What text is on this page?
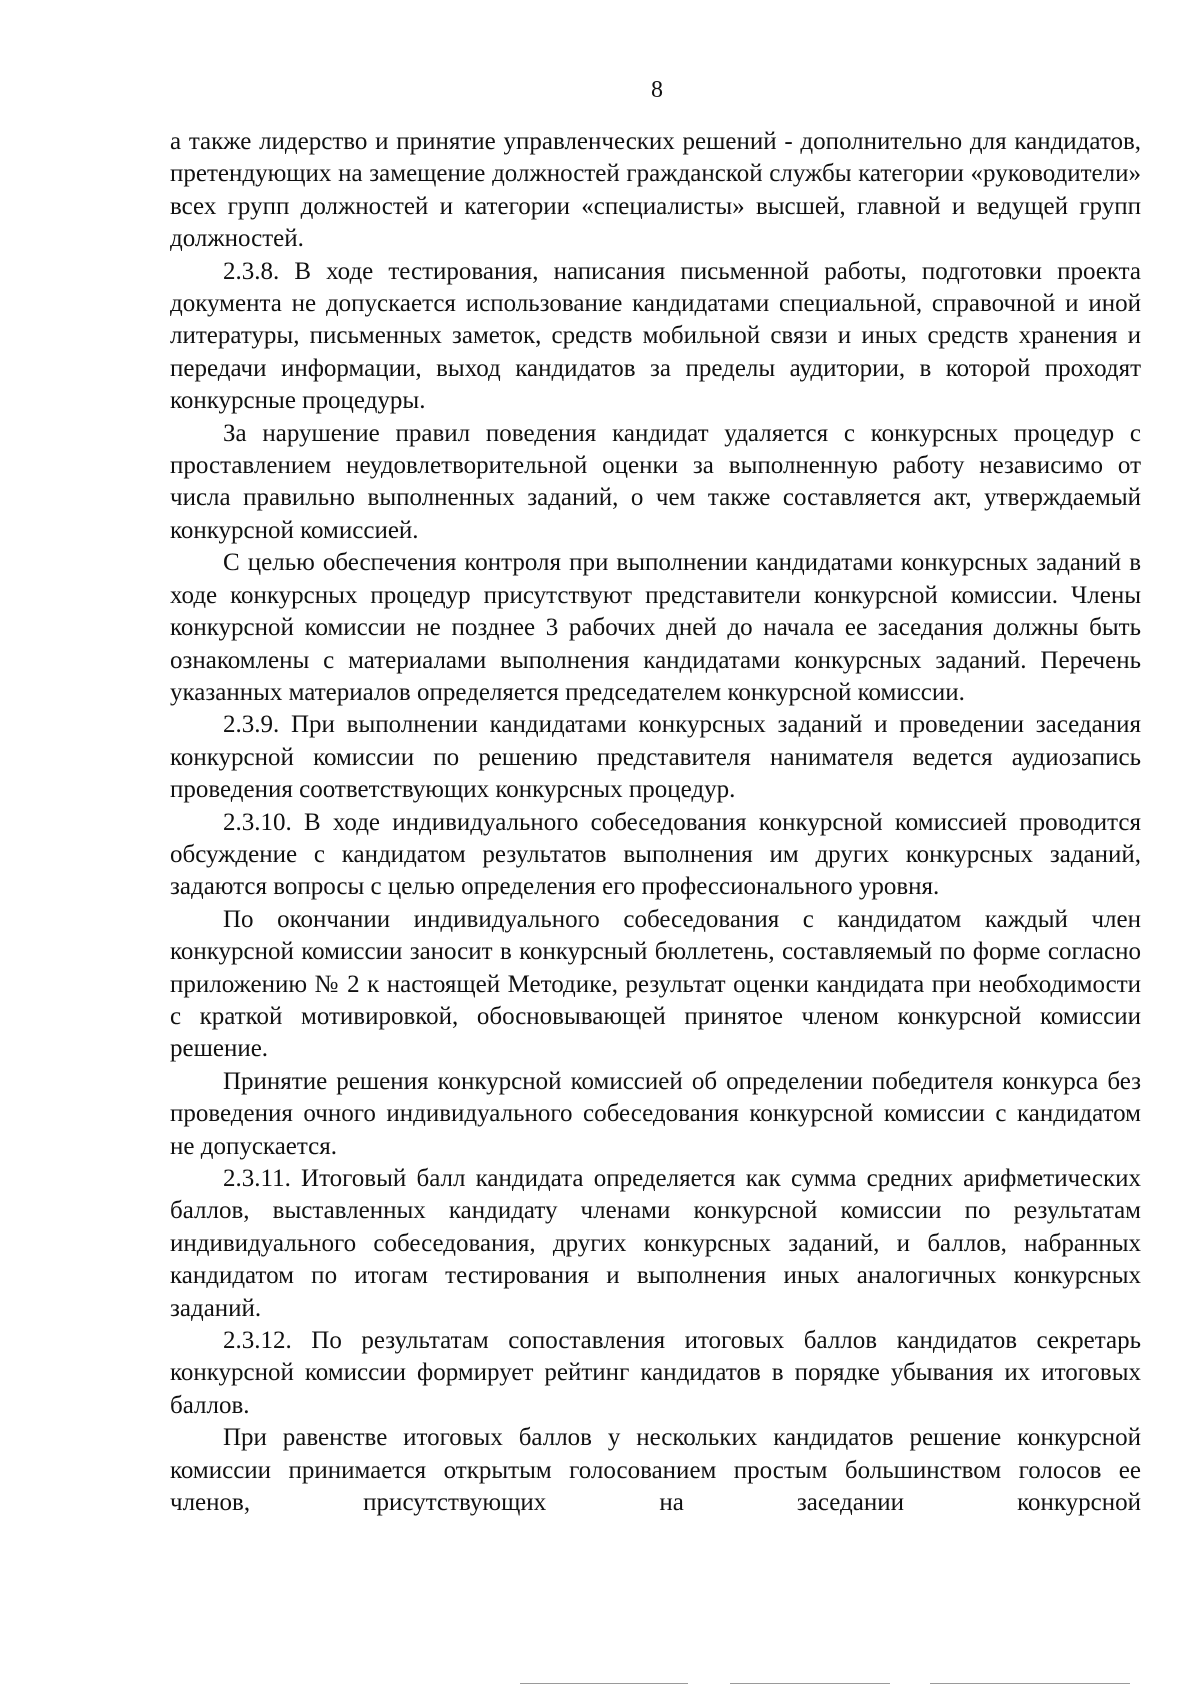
8

а также лидерство и принятие управленческих решений - дополнительно для кандидатов, претендующих на замещение должностей гражданской службы категории «руководители» всех групп должностей и категории «специалисты» высшей, главной и ведущей групп должностей.

2.3.8. В ходе тестирования, написания письменной работы, подготовки проекта документа не допускается использование кандидатами специальной, справочной и иной литературы, письменных заметок, средств мобильной связи и иных средств хранения и передачи информации, выход кандидатов за пределы аудитории, в которой проходят конкурсные процедуры.

За нарушение правил поведения кандидат удаляется с конкурсных процедур с проставлением неудовлетворительной оценки за выполненную работу независимо от числа правильно выполненных заданий, о чем также составляется акт, утверждаемый конкурсной комиссией.

С целью обеспечения контроля при выполнении кандидатами конкурсных заданий в ходе конкурсных процедур присутствуют представители конкурсной комиссии. Члены конкурсной комиссии не позднее 3 рабочих дней до начала ее заседания должны быть ознакомлены с материалами выполнения кандидатами конкурсных заданий. Перечень указанных материалов определяется председателем конкурсной комиссии.

2.3.9. При выполнении кандидатами конкурсных заданий и проведении заседания конкурсной комиссии по решению представителя нанимателя ведется аудиозапись проведения соответствующих конкурсных процедур.

2.3.10. В ходе индивидуального собеседования конкурсной комиссией проводится обсуждение с кандидатом результатов выполнения им других конкурсных заданий, задаются вопросы с целью определения его профессионального уровня.

По окончании индивидуального собеседования с кандидатом каждый член конкурсной комиссии заносит в конкурсный бюллетень, составляемый по форме согласно приложению № 2 к настоящей Методике, результат оценки кандидата при необходимости с краткой мотивировкой, обосновывающей принятое членом конкурсной комиссии решение.

Принятие решения конкурсной комиссией об определении победителя конкурса без проведения очного индивидуального собеседования конкурсной комиссии с кандидатом не допускается.

2.3.11. Итоговый балл кандидата определяется как сумма средних арифметических баллов, выставленных кандидату членами конкурсной комиссии по результатам индивидуального собеседования, других конкурсных заданий, и баллов, набранных кандидатом по итогам тестирования и выполнения иных аналогичных конкурсных заданий.

2.3.12. По результатам сопоставления итоговых баллов кандидатов секретарь конкурсной комиссии формирует рейтинг кандидатов в порядке убывания их итоговых баллов.

При равенстве итоговых баллов у нескольких кандидатов решение конкурсной комиссии принимается открытым голосованием простым большинством голосов ее членов, присутствующих на заседании конкурсной
